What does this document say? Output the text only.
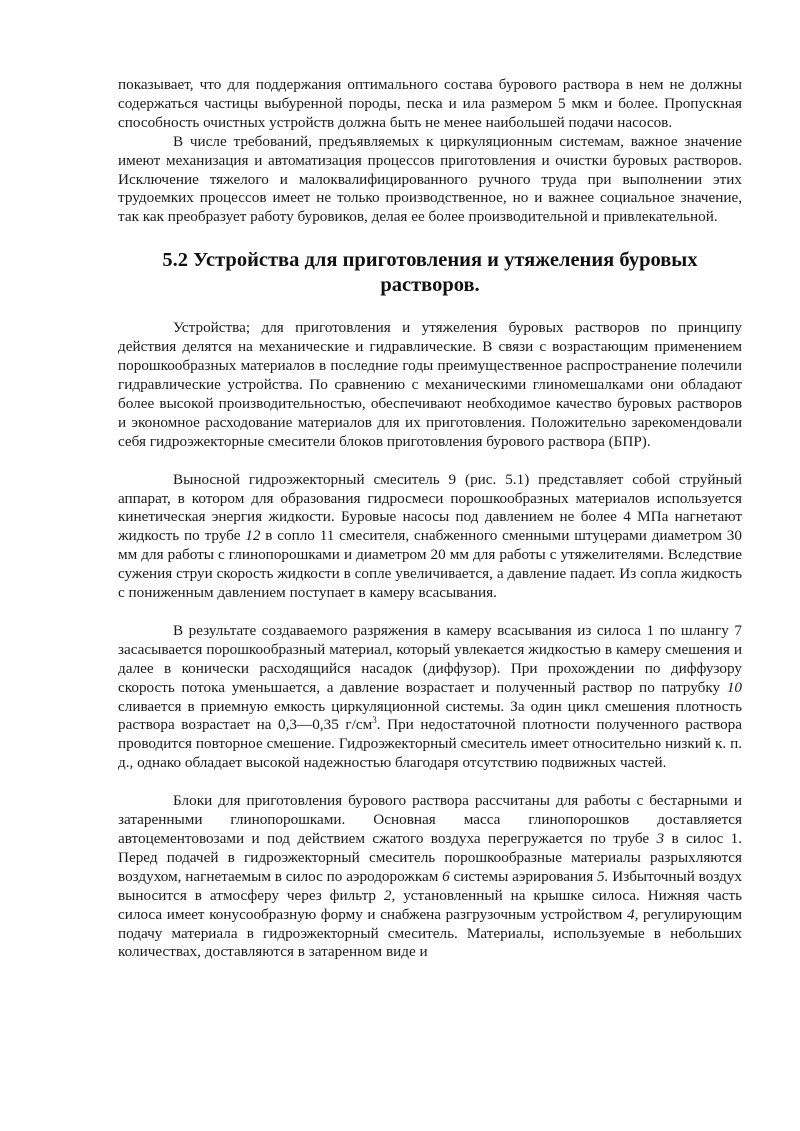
показывает, что для поддержания оптимального состава бурового раствора в нем не должны содержаться частицы выбуренной породы, песка и ила размером 5 мкм и более. Пропускная способность очистных устройств должна быть не менее наибольшей подачи насосов.

В числе требований, предъявляемых к циркуляционным системам, важное значение имеют механизация и автоматизация процессов приготовления и очистки буровых растворов. Исключение тяжелого и малоквалифицированного ручного труда при выполнении этих трудоемких процессов имеет не только производственное, но и важнее социальное значение, так как преобразует работу буровиков, делая ее более производительной и привлекательной.

5.2 Устройства для приготовления и утяжеления буровых растворов.

Устройства; для приготовления и утяжеления буровых растворов по принципу действия делятся на механические и гидравлические. В связи с возрастающим применением порошкообразных материалов в последние годы преимущественное распространение полечили гидравлические устройства. По сравнению с механическими глиномешалками они обладают более высокой производительностью, обеспечивают необходимое качество буровых растворов и экономное расходование материалов для их приготовления. Положительно зарекомендовали себя гидроэжекторные смесители блоков приготовления бурового раствора (БПР).

Выносной гидроэжекторный смеситель 9 (рис. 5.1) представляет собой струйный аппарат, в котором для образования гидросмеси порошкообразных материалов используется кинетическая энергия жидкости. Буровые насосы под давлением не более 4 МПа нагнетают жидкость по трубе 12 в сопло 11 смесителя, снабженного сменными штуцерами диаметром 30 мм для работы с глинопорошками и диаметром 20 мм для работы с утяжелителями. Вследствие сужения струи скорость жидкости в сопле увеличивается, а давление падает. Из сопла жидкость с пониженным давлением поступает в камеру всасывания.

В результате создаваемого разряжения в камеру всасывания из силоса 1 по шлангу 7 засасывается порошкообразный материал, который увлекается жидкостью в камеру смешения и далее в конически расходящийся насадок (диффузор). При прохождении по диффузору скорость потока уменьшается, а давление возрастает и полученный раствор по патрубку 10 сливается в приемную емкость циркуляционной системы. За один цикл смешения плотность раствора возрастает на 0,3—0,35 $г/см^3$. При недостаточной плотности полученного раствора проводится повторное смешение. Гидроэжекторный смеситель имеет относительно низкий к. п. д., однако обладает высокой надежностью благодаря отсутствию подвижных частей.

Блоки для приготовления бурового раствора рассчитаны для работы с бестарными и затаренными глинопорошками. Основная масса глинопорошков доставляется автоцементовозами и под действием сжатого воздуха перегружается по трубе 3 в силос 1. Перед подачей в гидроэжекторный смеситель порошкообразные материалы разрыхляются воздухом, нагнетаемым в силос по аэродорожкам 6 системы аэрирования 5. Избыточный воздух выносится в атмосферу через фильтр 2, установленный на крышке силоса. Нижняя часть силоса имеет конусообразную форму и снабжена разгрузочным устройством 4, регулирующим подачу материала в гидроэжекторный смеситель. Материалы, используемые в небольших количествах, доставляются в затаренном виде и
